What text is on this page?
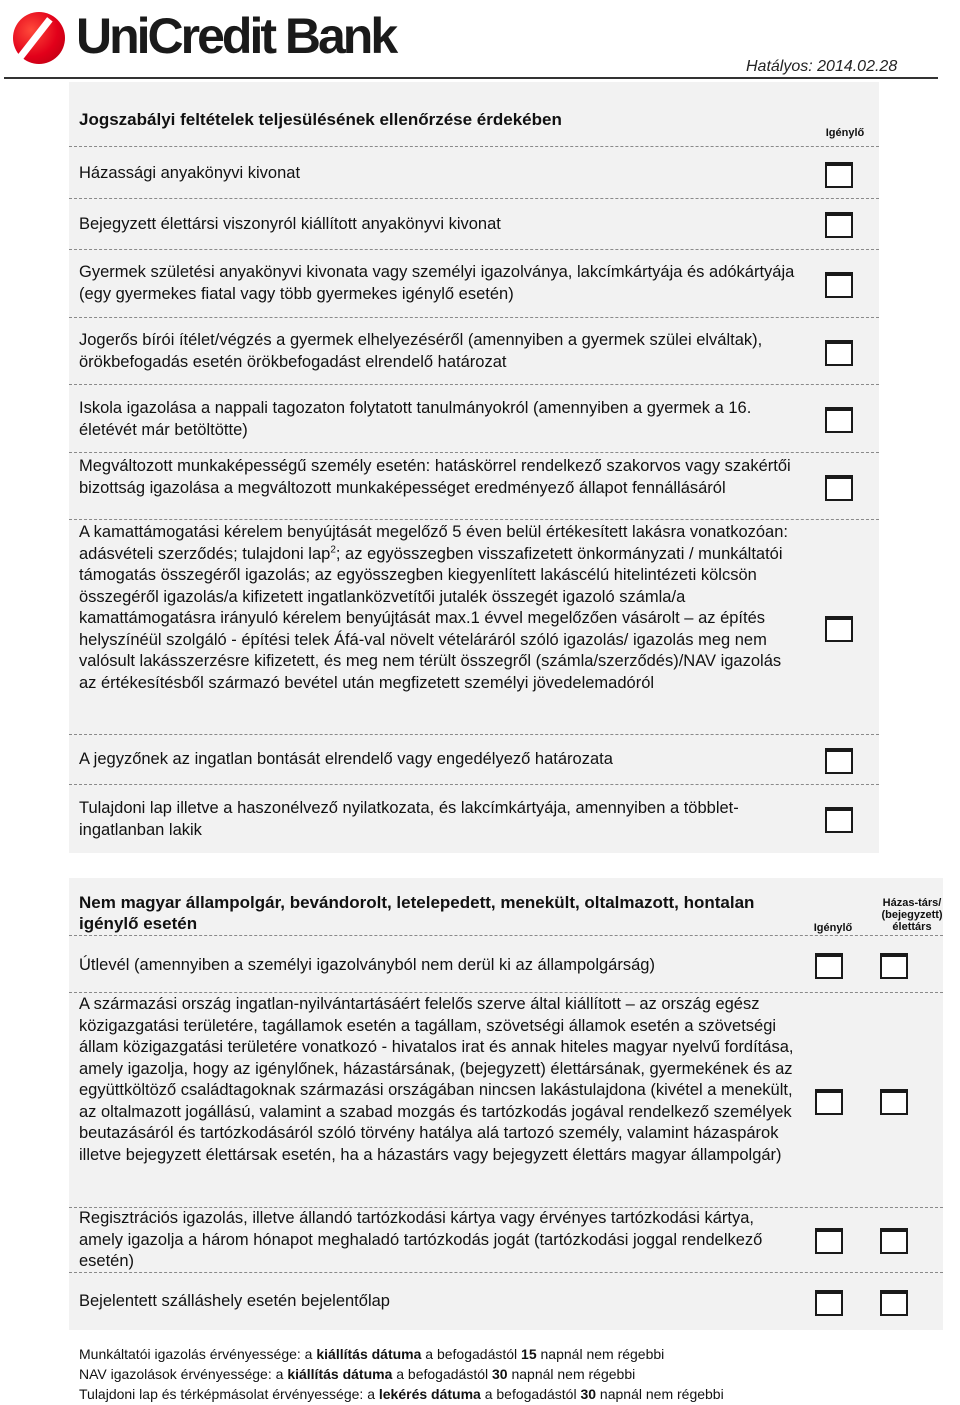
UniCredit Bank
Hatályos: 2014.02.28
Jogszabályi feltételek teljesülésének ellenőrzése érdekében
Igénylő
Házassági anyakönyvi kivonat
Bejegyzett élettársi viszonyról kiállított anyakönyvi kivonat
Gyermek születési anyakönyvi kivonata vagy személyi igazolványa, lakcímkártyája és adókártyája (egy gyermekes fiatal vagy több gyermekes igénylő esetén)
Jogerős bírói ítélet/végzés a gyermek elhelyezéséről (amennyiben a gyermek szülei elváltak), örökbefogadás esetén örökbefogadást elrendelő határozat
Iskola igazolása a nappali tagozaton folytatott tanulmányokról (amennyiben a gyermek a 16. életévét már betöltötte)
Megváltozott munkaképességű személy esetén: hatáskörrel rendelkező szakorvos vagy szakértői bizottság igazolása a megváltozott munkaképességet eredményező állapot fennállásáról
A kamattámogatási kérelem benyújtását megelőző 5 éven belül értékesített lakásra vonatkozóan: adásvételi szerződés; tulajdoni lap$^2$; az egyösszegben visszafizetett önkormányzati / munkáltatói támogatás összegéről igazolás; az egyösszegben kiegyenlített lakáscélú hitelintézeti kölcsön összegéről igazolás/a kifizetett ingatlanközvetítői jutalék összegét igazoló számla/a kamattámogatásra irányuló kérelem benyújtását max.1 évvel megelőzően vásárolt – az építés helyszínéül szolgáló - építési telek Áfá-val növelt vételáráról szóló igazolás/ igazolás meg nem valósult lakásszerzésre kifizetett, és meg nem térült összegről (számla/szerződés)/NAV igazolás az értékesítésből származó bevétel után megfizetett személyi jövedelemadóról
A jegyzőnek az ingatlan bontását elrendelő vagy engedélyező határozata
Tulajdoni lap illetve a haszonélvező nyilatkozata, és lakcímkártyája, amennyiben a többlet-ingatlanban lakik
Nem magyar állampolgár, bevándorolt, letelepedett, menekült, oltalmazott, hontalan igénylő esetén	Igénylő
Házas-társ/ (bejegyzett) élettárs
Útlevél (amennyiben a személyi igazolványból nem derül ki az állampolgárság)
A származási ország ingatlan-nyilvántartásáért felelős szerve által kiállított – az ország egész közigazgatási területére, tagállamok esetén a tagállam, szövetségi államok esetén a szövetségi állam közigazgatási területére vonatkozó - hivatalos irat és annak hiteles magyar nyelvű fordítása, amely igazolja, hogy az igénylőnek, házastársának, (bejegyzett) élettársának, gyermekének és az együttköltöző családtagoknak származási országában nincsen lakástulajdona (kivétel a menekült, az oltalmazott jogállású, valamint a szabad mozgás és tartózkodás jogával rendelkező személyek beutazásáról és tartózkodásáról szóló törvény hatálya alá tartozó személy, valamint házaspárok illetve bejegyzett élettársak esetén, ha a házastárs vagy bejegyzett élettárs magyar állampolgár)
Regisztrációs igazolás, illetve állandó tartózkodási kártya vagy érvényes tartózkodási kártya, amely igazolja a három hónapot meghaladó tartózkodás jogát (tartózkodási joggal rendelkező esetén)
Bejelentett szálláshely esetén bejelentőlap
Munkáltatói igazolás érvényessége: a kiállítás dátuma a befogadástól 15 napnál nem régebbi
NAV igazolások érvényessége: a kiállítás dátuma a befogadástól 30 napnál nem régebbi
Tulajdoni lap és térképmásolat érvényessége: a lekérés dátuma a befogadástól 30 napnál nem régebbi
